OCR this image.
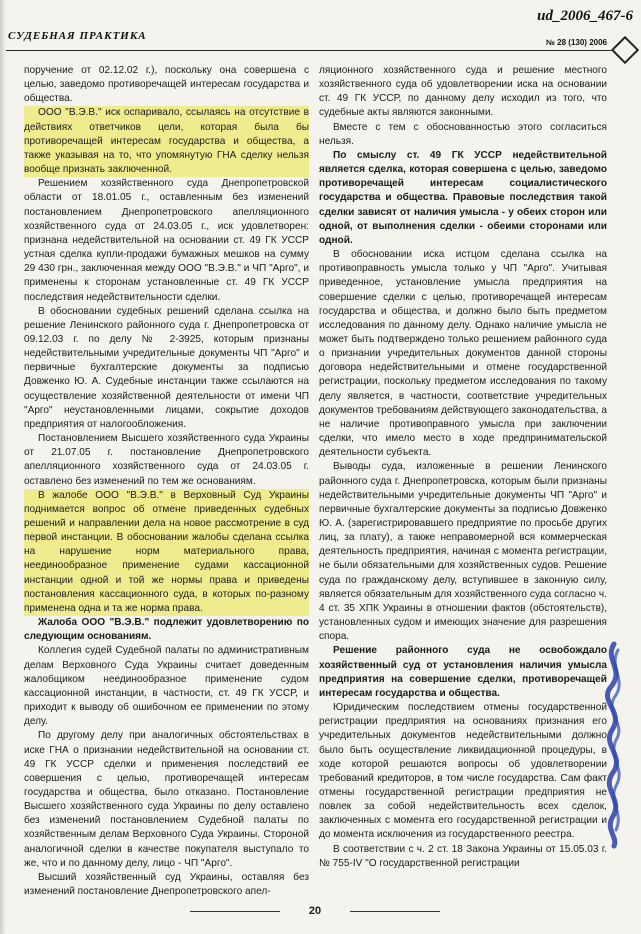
ud_2006_467-6
СУДЕБНАЯ ПРАКТИКА
№ 28 (130) 2006

поручение от 02.12.02 г.), поскольку она совершена с целью, заведомо противоречащей интересам государства и общества.

ООО "В.Э.В." иск оспаривало, ссылаясь на отсутствие в действиях ответчиков цели, которая была бы противоречащей интересам государства и общества, а также указывая на то, что упомянутую ГНА сделку нельзя вообще признать заключенной.

Решением хозяйственного суда Днепропетровской области от 18.01.05 г., оставленным без изменений постановлением Днепропетровского апелляционного хозяйственного суда от 24.03.05 г., иск удовлетворен: признана недействительной на основании ст. 49 ГК УССР устная сделка купли-продажи бумажных мешков на сумму 29 430 грн., заключенная между ООО "В.Э.В." и ЧП "Арго", и применены к сторонам установленные ст. 49 ГК УССР последствия недействительности сделки.

В обосновании судебных решений сделана ссылка на решение Ленинского районного суда г. Днепропетровска от 09.12.03 г. по делу № 2-3925, которым признаны недействительными учредительные документы ЧП "Арго" и первичные бухгалтерские документы за подписью Довженко Ю. А. Судебные инстанции также ссылаются на осуществление хозяйственной деятельности от имени ЧП "Арго" неустановленными лицами, сокрытие доходов предприятия от налогообложения.

Постановлением Высшего хозяйственного суда Украины от 21.07.05 г. постановление Днепропетровского апелляционного хозяйственного суда от 24.03.05 г. оставлено без изменений по тем же основаниям.

В жалобе ООО "В.Э.В." в Верховный Суд Украины поднимается вопрос об отмене приведенных судебных решений и направлении дела на новое рассмотрение в суд первой инстанции. В обосновании жалобы сделана ссылка на нарушение норм материального права, неединообразное применение судами кассационной инстанции одной и той же нормы права и приведены постановления кассационного суда, в которых по-разному применена одна и та же норма права.

Жалоба ООО "В.Э.В." подлежит удовлетворению по следующим основаниям.

Коллегия судей Судебной палаты по административным делам Верховного Суда Украины считает доведенным жалобщиком неединообразное применение судом кассационной инстанции, в частности, ст. 49 ГК УССР, и приходит к выводу об ошибочном ее применении по этому делу.

По другому делу при аналогичных обстоятельствах в иске ГНА о признании недействительной на основании ст. 49 ГК УССР сделки и применения последствий ее совершения с целью, противоречащей интересам государства и общества, было отказано. Постановление Высшего хозяйственного суда Украины по делу оставлено без изменений постановлением Судебной палаты по хозяйственным делам Верховного Суда Украины. Стороной аналогичной сделки в качестве покупателя выступало то же, что и по данному делу, лицо - ЧП "Арго".

Высший хозяйственный суд Украины, оставляя без изменений постановление Днепропетровского апел-

ляционного хозяйственного суда и решение местного хозяйственного суда об удовлетворении иска на основании ст. 49 ГК УССР, по данному делу исходил из того, что судебные акты являются законными.

Вместе с тем с обоснованностью этого согласиться нельзя.

По смыслу ст. 49 ГК УССР недействительной является сделка, которая совершена с целью, заведомо противоречащей интересам социалистического государства и общества. Правовые последствия такой сделки зависят от наличия умысла - у обеих сторон или одной, от выполнения сделки - обеими сторонами или одной.

В обосновании иска истцом сделана ссылка на противоправность умысла только у ЧП "Арго". Учитывая приведенное, установление умысла предприятия на совершение сделки с целью, противоречащей интересам государства и общества, и должно было быть предметом исследования по данному делу. Однако наличие умысла не может быть подтверждено только решением районного суда о признании учредительных документов данной стороны договора недействительными и отмене государственной регистрации, поскольку предметом исследования по такому делу является, в частности, соответствие учредительных документов требованиям действующего законодательства, а не наличие противоправного умысла при заключении сделки, что имело место в ходе предпринимательской деятельности субъекта.

Выводы суда, изложенные в решении Ленинского районного суда г. Днепропетровска, которым были признаны недействительными учредительные документы ЧП "Арго" и первичные бухгалтерские документы за подписью Довженко Ю. А. (зарегистрировавшего предприятие по просьбе других лиц, за плату), а также неправомерной вся коммерческая деятельность предприятия, начиная с момента регистрации, не были обязательными для хозяйственных судов. Решение суда по гражданскому делу, вступившее в законную силу, является обязательным для хозяйственного суда согласно ч. 4 ст. 35 ХПК Украины в отношении фактов (обстоятельств), установленных судом и имеющих значение для разрешения спора.

Решение районного суда не освобождало хозяйственный суд от установления наличия умысла предприятия на совершение сделки, противоречащей интересам государства и общества.

Юридическим последствием отмены государственной регистрации предприятия на основаниях признания его учредительных документов недействительными должно было быть осуществление ликвидационной процедуры, в ходе которой решаются вопросы об удовлетворении требований кредиторов, в том числе государства. Сам факт отмены государственной регистрации предприятия не повлек за собой недействительность всех сделок, заключенных с момента его государственной регистрации и до момента исключения из государственного реестра.

В соответствии с ч. 2 ст. 18 Закона Украины от 15.05.03 г. № 755-IV "О государственной регистрации

20
